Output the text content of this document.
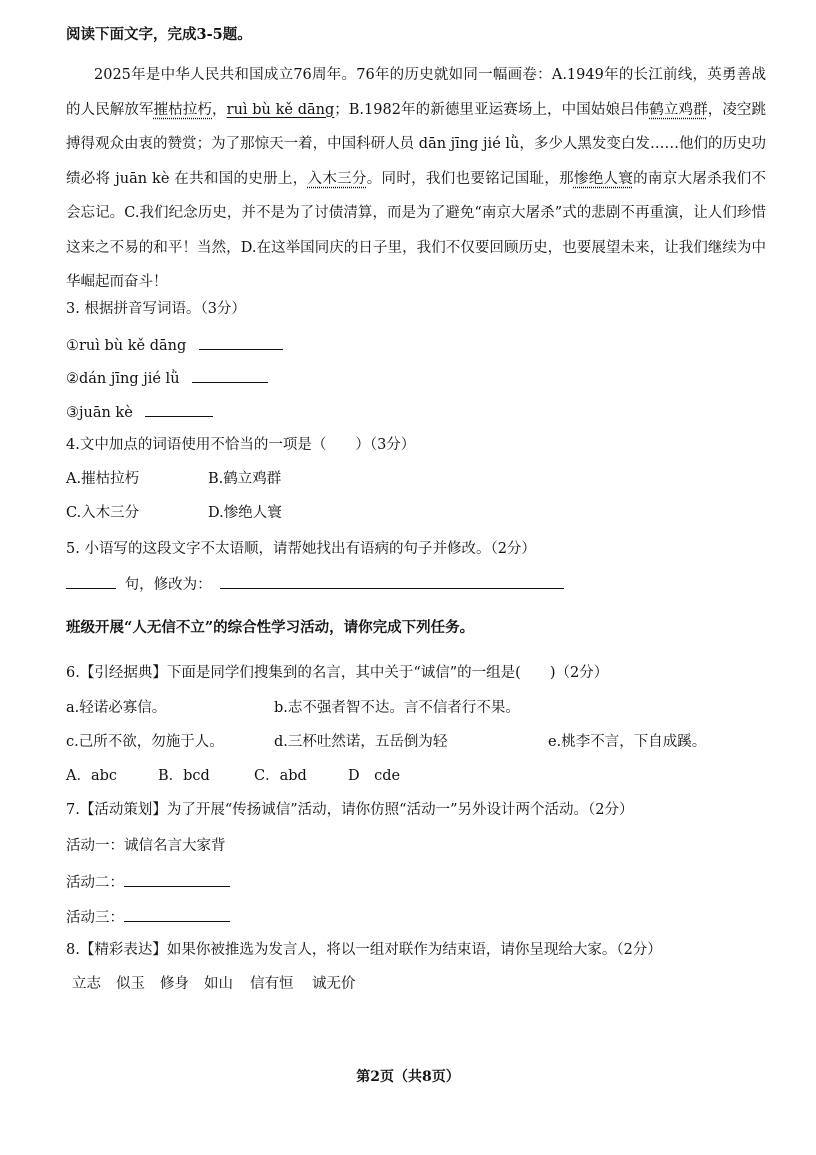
阅读下面文字，完成3-5题。

2025年是中华人民共和国成立76周年。76年的历史就如同一幅画卷：A.1949年的长江前线，英勇善战的人民解放军摧枯拉朽，ruì bù kě dāng；B.1982年的新德里亚运赛场上，中国姑娘吕伟鹤立鸡群，凌空跳搏得观众由衷的赞赏；为了那惊天一着，中国科研人员 dān jīng jié lǜ，多少人黑发变白发……他们的历史功绩必将 juān kè 在共和国的史册上，入木三分。同时，我们也要铭记国耻，那惨绝人寰的南京大屠杀我们不会忘记。C.我们纪念历史，并不是为了讨债清算，而是为了避免“南京大屠杀”式的悲剧不再重演，让人们珍惜这来之不易的和平！当然，D.在这举国同庆的日子里，我们不仅要回顾历史，也要展望未来，让我们继续为中华崛起而奋斗！

3. 根据拼音写词语。（3分）
①ruì bù kě dāng
②dán jīng jié lǜ
③juān kè
4.文中加点的词语使用不恰当的一项是（　　）（3分）
A.摧枯拉朽	B.鹤立鸡群
C.入木三分	D.惨绝人寰
5. 小语写的这段文字不太语顺，请帮她找出有语病的句子并修改。（2分）
句，修改为：
班级开展“人无信不立”的综合性学习活动，请你完成下列任务。
6.【引经据典】下面是同学们搜集到的名言，其中关于“诚信”的一组是(　　)（2分）
a.轻诺必寡信。	b.志不强者智不达。言不信者行不果。
c.己所不欲，勿施于人。	d.三杯吐然诺，五岳倒为轻	e.桃李不言，下自成蹊。
A．abc	B．bcd	C．abd	D　cde
7.【活动策划】为了开展“传扬诚信”活动，请你仿照“活动一”另外设计两个活动。（2分）
活动一：诚信名言大家背
活动二：
活动三：
8.【精彩表达】如果你被推选为发言人，将以一组对联作为结束语，请你呈现给大家。（2分）
立志 似玉 修身 如山 信有恒 诚无价
第2页（共8页）
